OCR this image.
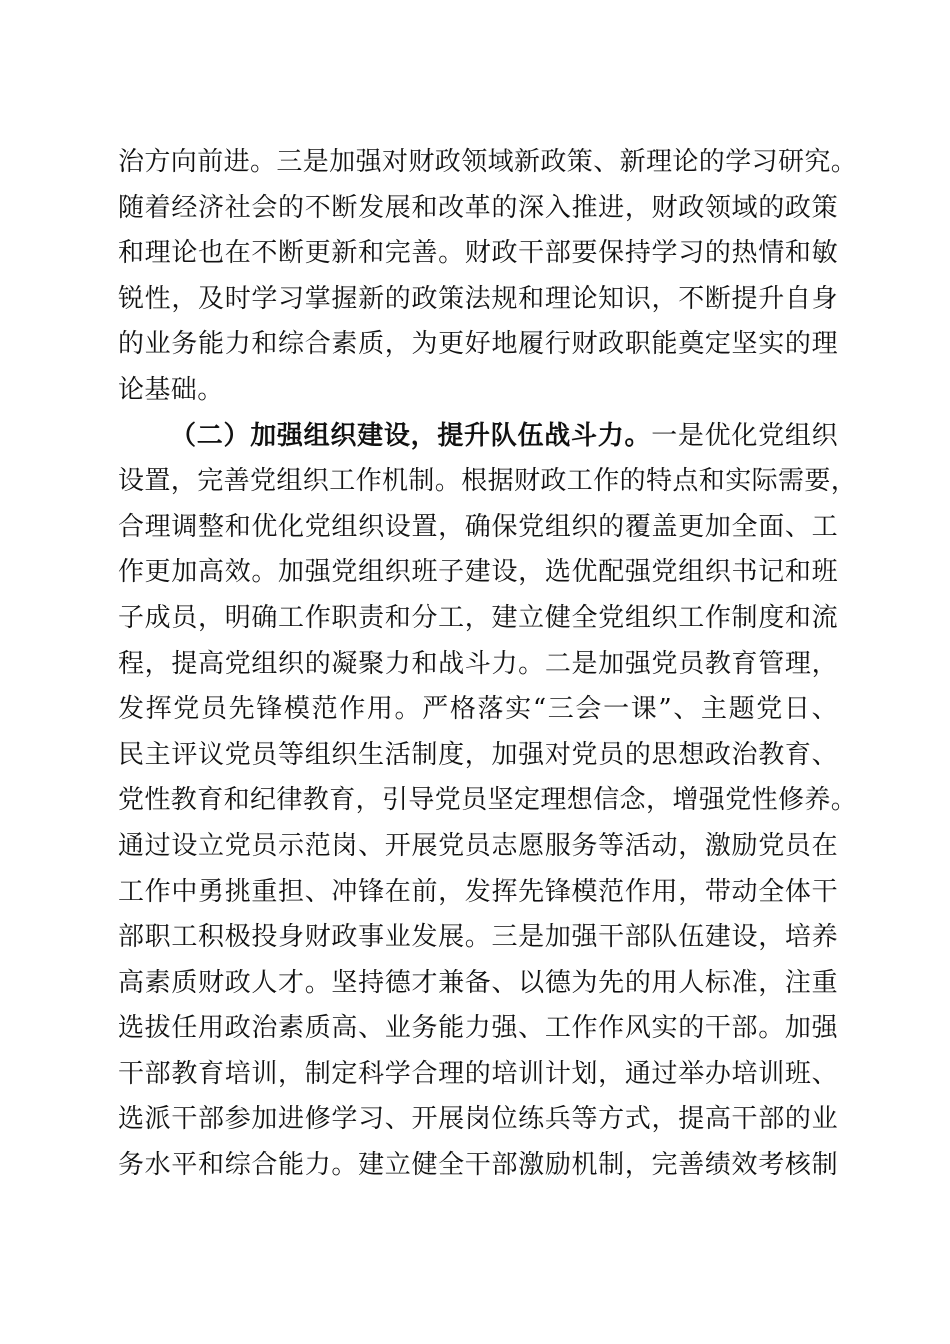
治方向前进。三是加强对财政领域新政策、新理论的学习研究。
随着经济社会的不断发展和改革的深入推进，财政领域的政策
和理论也在不断更新和完善。财政干部要保持学习的热情和敏
锐性，及时学习掌握新的政策法规和理论知识，不断提升自身
的业务能力和综合素质，为更好地履行财政职能奠定坚实的理
论基础。
（二）加强组织建设，提升队伍战斗力。一是优化党组织
设置，完善党组织工作机制。根据财政工作的特点和实际需要，
合理调整和优化党组织设置，确保党组织的覆盖更加全面、工
作更加高效。加强党组织班子建设，选优配强党组织书记和班
子成员，明确工作职责和分工，建立健全党组织工作制度和流
程，提高党组织的凝聚力和战斗力。二是加强党员教育管理，
发挥党员先锋模范作用。严格落实“三会一课”、主题党日、
民主评议党员等组织生活制度，加强对党员的思想政治教育、
党性教育和纪律教育，引导党员坚定理想信念，增强党性修养。
通过设立党员示范岗、开展党员志愿服务等活动，激励党员在
工作中勇挑重担、冲锋在前，发挥先锋模范作用，带动全体干
部职工积极投身财政事业发展。三是加强干部队伍建设，培养
高素质财政人才。坚持德才兼备、以德为先的用人标准，注重
选拔任用政治素质高、业务能力强、工作作风实的干部。加强
干部教育培训，制定科学合理的培训计划，通过举办培训班、
选派干部参加进修学习、开展岗位练兵等方式，提高干部的业
务水平和综合能力。建立健全干部激励机制，完善绩效考核制
